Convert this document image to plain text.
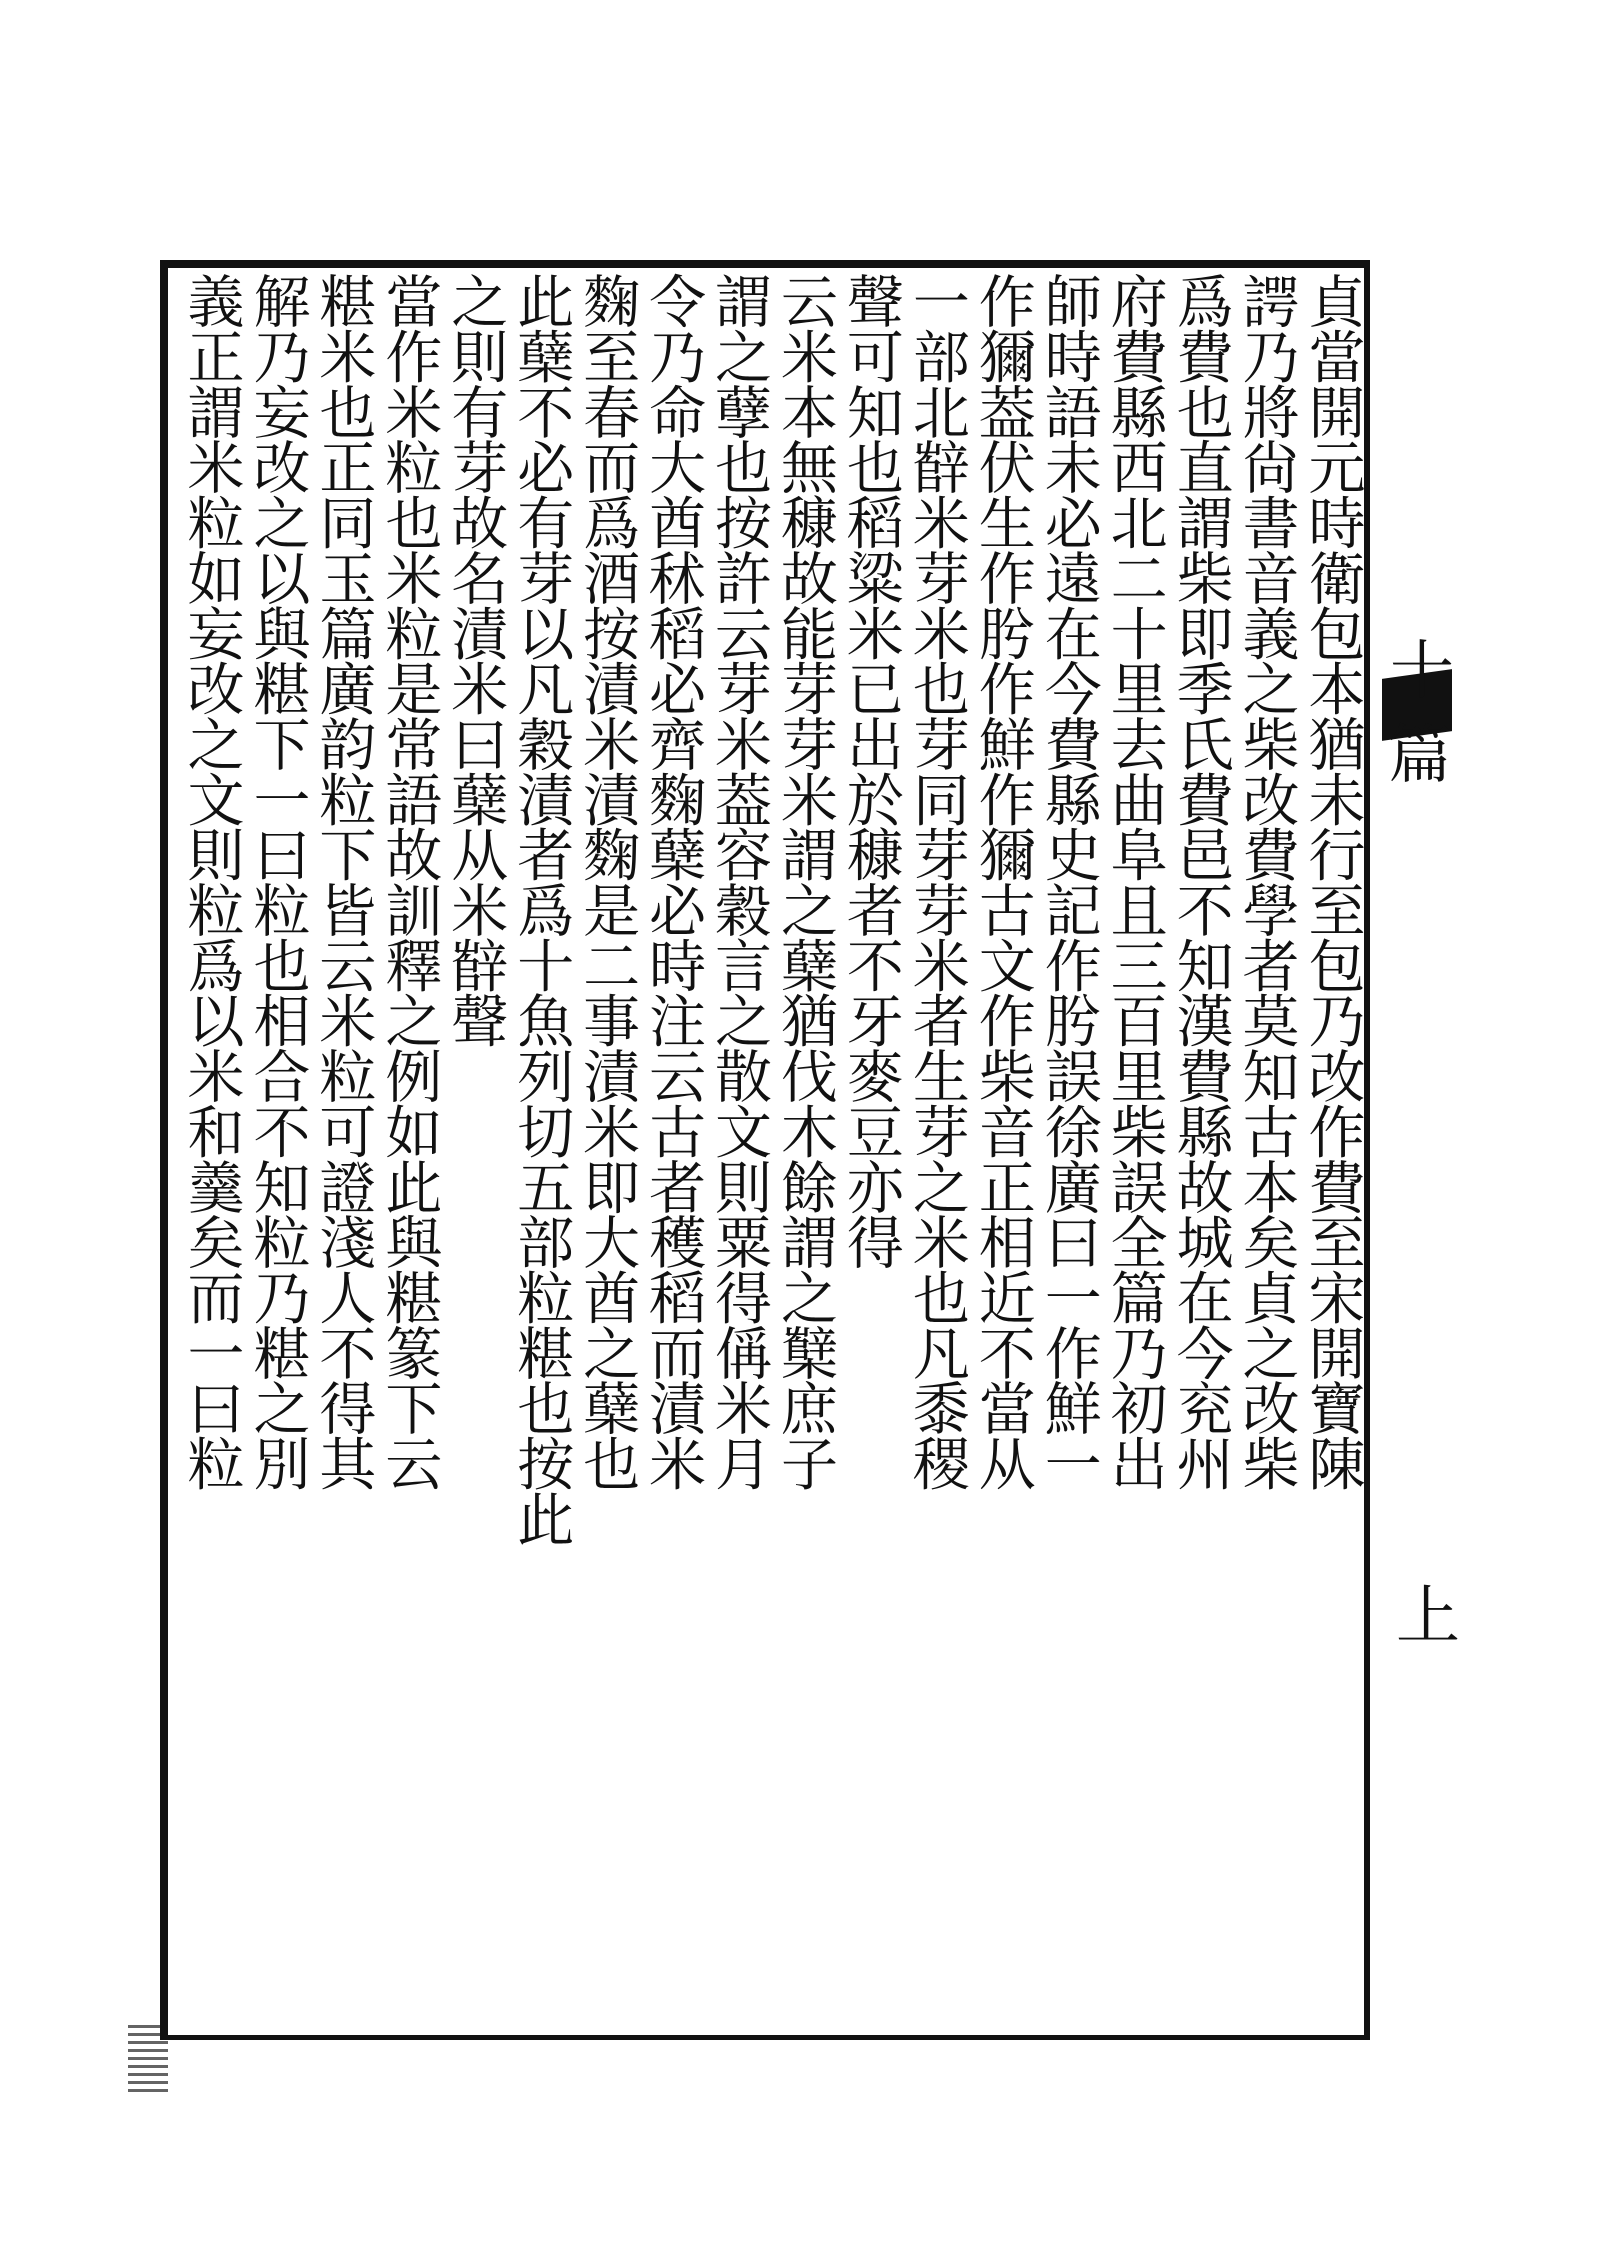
十
篇
上
貞當開元時衛包本猶未行至包乃改作費至宋開寶陳
諤乃將尙書音義之柴改費學者莫知古本矣貞之改柴
爲費也直謂柴即季氏費邑不知漢費縣故城在今兖州
府費縣西北二十里去曲阜且三百里柴誤全篇乃初出
師時語未必遠在今費縣史記作肹誤徐廣曰一作鮮一
作獮葢伏生作肹作鮮作獮古文作柴音正相近不當从
一部北辥米芽米也芽同芽芽米者生芽之米也凡黍稷
聲可知也稻粱米已出於穅者不牙麥豆亦得
云米本無穅故能芽芽米謂之蘖猶伐木餘謂之櫱庶子
謂之孽也按許云芽米葢容穀言之散文則粟得偁米月
令乃命大酋秫稻必齊麴蘖必時注云古者穫稻而漬米
麴至春而爲酒按漬米漬麴是二事漬米即大酋之蘖也
此蘖不必有芽以凡穀漬者爲十魚列切五部粒糂也按此
之則有芽故名漬米曰蘖从米辥聲
當作米粒也米粒是常語故訓釋之例如此與糂篆下云
糂米也正同玉篇廣韵粒下皆云米粒可證淺人不得其
解乃妄改之以與糂下一曰粒也相合不知粒乃糂之別
義正謂米粒如妄改之文則粒爲以米和羹矣而一曰粒
